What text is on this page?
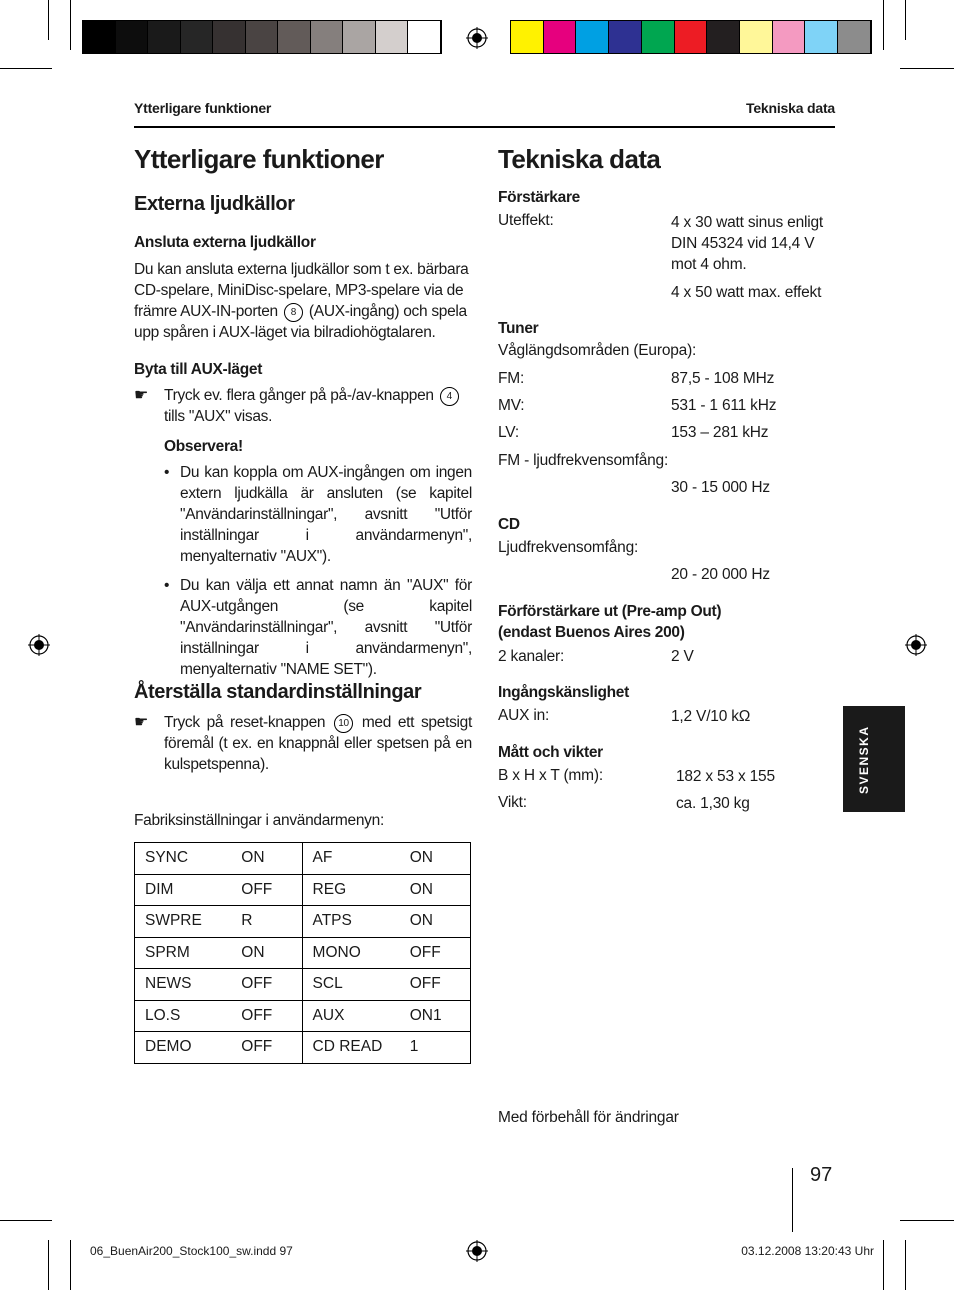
Ytterligare funktioner	Tekniska data
Ytterligare funktioner
Externa ljudkällor
Ansluta externa ljudkällor
Du kan ansluta externa ljudkällor som t ex. bärbara CD-spelare, MiniDisc-spelare, MP3-spelare via de främre AUX-IN-porten 8 (AUX-ingång) och spela upp spåren i AUX-läget via bilradiohögtalaren.
Byta till AUX-läget
☛ Tryck ev. flera gånger på på-/av-knappen 4 tills "AUX" visas.
Observera!
• Du kan koppla om AUX-ingången om ingen extern ljudkälla är ansluten (se kapitel "Användarinställningar", avsnitt "Utför inställningar i användarmenyn", menyalternativ "AUX").
• Du kan välja ett annat namn än "AUX" för AUX-utgången (se kapitel "Användarinställningar", avsnitt "Utför inställningar i användarmenyn", menyalternativ "NAME SET").
Återställa standardinställningar
☛ Tryck på reset-knappen 10 med ett spetsigt föremål (t ex. en knappnål eller spetsen på en kulspetspenna).
Fabriksinställningar i användarmenyn:
SYNC	ON	AF	ON
DIM	OFF	REG	ON
SWPRE	R	ATPS	ON
SPRM	ON	MONO	OFF
NEWS	OFF	SCL	OFF
LO.S	OFF	AUX	ON1
DEMO	OFF	CD READ	1
Tekniska data
Förstärkare
Uteffekt:	4 x 30 watt sinus enligt DIN 45324 vid 14,4 V mot 4 ohm.
4 x 50 watt max. effekt
Tuner
Våglängdsområden (Europa):
FM:	87,5 - 108 MHz
MV:	531 - 1 611 kHz
LV:	153 – 281 kHz
FM - ljudfrekvensomfång:
30 - 15 000 Hz
CD
Ljudfrekvensomfång:
20 - 20 000 Hz
Förförstärkare ut (Pre-amp Out)
(endast Buenos Aires 200)
2 kanaler:	2 V
Ingångskänslighet
AUX in:	1,2 V/10 kΩ
Mått och vikter
B x H x T (mm):	182 x 53 x 155
Vikt:	ca. 1,30 kg
Med förbehåll för ändringar
SVENSKA
97
06_BuenAir200_Stock100_sw.indd 97	03.12.2008 13:20:43 Uhr
